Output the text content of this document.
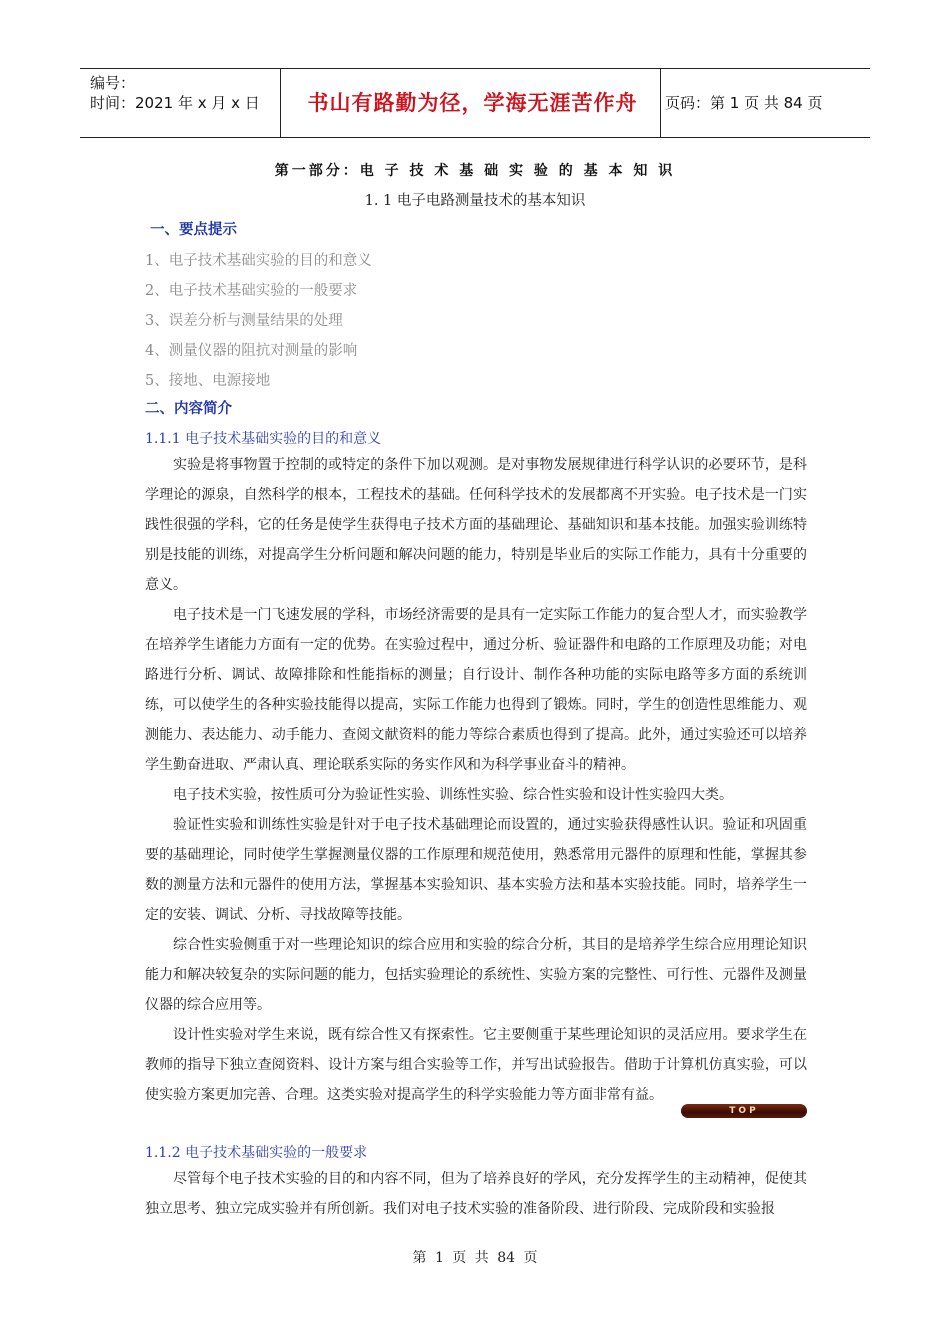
编号：
时间：2021 年 x 月 x 日	书山有路勤为径，学海无涯苦作舟	页码：第 1 页 共 84 页
第一部分：电 子 技 术 基 础 实 验 的 基 本 知 识
1. 1 电子电路测量技术的基本知识
一、要点提示
1、电子技术基础实验的目的和意义
2、电子技术基础实验的一般要求
3、误差分析与测量结果的处理
4、测量仪器的阻抗对测量的影响
5、接地、电源接地
二、内容简介
1.1.1 电子技术基础实验的目的和意义

实验是将事物置于控制的或特定的条件下加以观测。是对事物发展规律进行科学认识的必要环节，是科学理论的源泉，自然科学的根本，工程技术的基础。任何科学技术的发展都离不开实验。电子技术是一门实践性很强的学科，它的任务是使学生获得电子技术方面的基础理论、基础知识和基本技能。加强实验训练特别是技能的训练，对提高学生分析问题和解决问题的能力，特别是毕业后的实际工作能力，具有十分重要的意义。

电子技术是一门飞速发展的学科，市场经济需要的是具有一定实际工作能力的复合型人才，而实验教学在培养学生诸能力方面有一定的优势。在实验过程中，通过分析、验证器件和电路的工作原理及功能；对电路进行分析、调试、故障排除和性能指标的测量；自行设计、制作各种功能的实际电路等多方面的系统训练，可以使学生的各种实验技能得以提高，实际工作能力也得到了锻炼。同时，学生的创造性思维能力、观测能力、表达能力、动手能力、查阅文献资料的能力等综合素质也得到了提高。此外，通过实验还可以培养学生勤奋进取、严肃认真、理论联系实际的务实作风和为科学事业奋斗的精神。

电子技术实验，按性质可分为验证性实验、训练性实验、综合性实验和设计性实验四大类。

验证性实验和训练性实验是针对于电子技术基础理论而设置的，通过实验获得感性认识。验证和巩固重要的基础理论，同时使学生掌握测量仪器的工作原理和规范使用，熟悉常用元器件的原理和性能，掌握其参数的测量方法和元器件的使用方法，掌握基本实验知识、基本实验方法和基本实验技能。同时，培养学生一定的安装、调试、分析、寻找故障等技能。

综合性实验侧重于对一些理论知识的综合应用和实验的综合分析，其目的是培养学生综合应用理论知识能力和解决较复杂的实际问题的能力，包括实验理论的系统性、实验方案的完整性、可行性、元器件及测量仪器的综合应用等。

设计性实验对学生来说，既有综合性又有探索性。它主要侧重于某些理论知识的灵活应用。要求学生在教师的指导下独立查阅资料、设计方案与组合实验等工作，并写出试验报告。借助于计算机仿真实验，可以使实验方案更加完善、合理。这类实验对提高学生的科学实验能力等方面非常有益。

TOP
1.1.2 电子技术基础实验的一般要求

尽管每个电子技术实验的目的和内容不同，但为了培养良好的学风，充分发挥学生的主动精神，促使其独立思考、独立完成实验并有所创新。我们对电子技术实验的准备阶段、进行阶段、完成阶段和实验报

第 1 页 共 84 页
